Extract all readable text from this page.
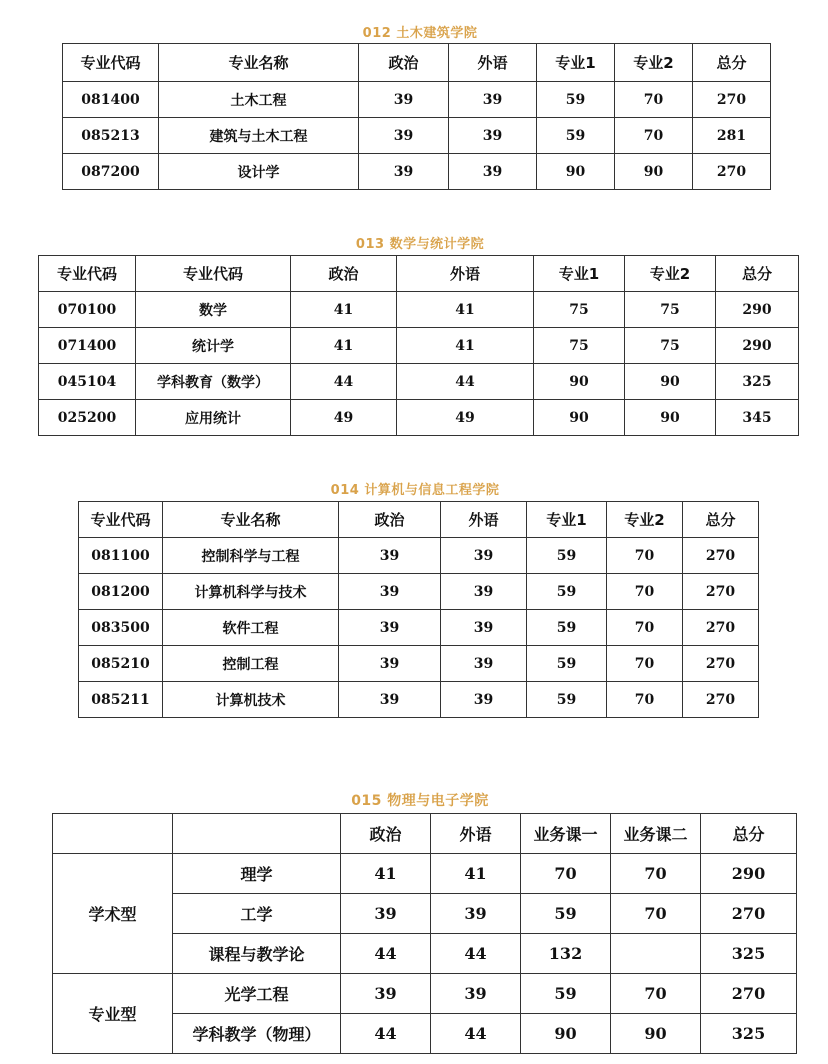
012 土木建筑学院
专业代码	专业名称	政治	外语	专业1	专业2	总分
081400	土木工程	39	39	59	70	270
085213	建筑与土木工程	39	39	59	70	281
087200	设计学	39	39	90	90	270
013 数学与统计学院
专业代码	专业代码	政治	外语	专业1	专业2	总分
070100	数学	41	41	75	75	290
071400	统计学	41	41	75	75	290
045104	学科教育（数学）	44	44	90	90	325
025200	应用统计	49	49	90	90	345
014 计算机与信息工程学院
专业代码	专业名称	政治	外语	专业1	专业2	总分
081100	控制科学与工程	39	39	59	70	270
081200	计算机科学与技术	39	39	59	70	270
083500	软件工程	39	39	59	70	270
085210	控制工程	39	39	59	70	270
085211	计算机技术	39	39	59	70	270
015 物理与电子学院
		政治	外语	业务课一	业务课二	总分
学术型	理学	41	41	70	70	290
	工学	39	39	59	70	270
	课程与教学论	44	44	132		325
专业型	光学工程	39	39	59	70	270
	学科教学（物理）	44	44	90	90	325
